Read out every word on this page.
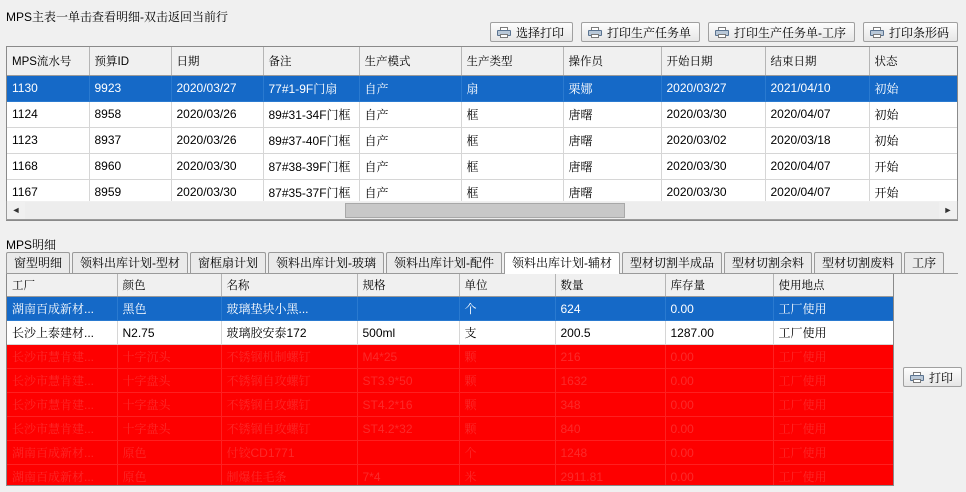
MPS主表一单击查看明细-双击返回当前行
选择打印	打印生产任务单	打印生产任务单-工序	打印条形码
MPS流水号	预算ID	日期	备注	生产模式	生产类型	操作员	开始日期	结束日期	状态
1130	9923	2020/03/27	77#1-9F门扇	自产	扇	栗娜	2020/03/27	2021/04/10	初始
1124	8958	2020/03/26	89#31-34F门框	自产	框	唐曙	2020/03/30	2020/04/07	初始
1123	8937	2020/03/26	89#37-40F门框	自产	框	唐曙	2020/03/02	2020/03/18	初始
1168	8960	2020/03/30	87#38-39F门框	自产	框	唐曙	2020/03/30	2020/04/07	开始
1167	8959	2020/03/30	87#35-37F门框	自产	框	唐曙	2020/03/30	2020/04/07	开始
◄	►
MPS明细
窗型明细	领料出库计划-型材	窗框扇计划	领料出库计划-玻璃	领料出库计划-配件	领料出库计划-辅材	型材切割半成品	型材切割余料	型材切割废料	工序
工厂	颜色	名称	规格	单位	数量	库存量	使用地点
湖南百成新材...	黑色	玻璃垫块小黑...		个	624	0.00	工厂使用
长沙上泰建材...	N2.75	玻璃胶安泰172	500ml	支	200.5	1287.00	工厂使用
长沙市慧肯建...	十字沉头	不锈钢机制螺钉	M4*25	颗	216	0.00	工厂使用
长沙市慧肯建...	十字盘头	不锈钢自攻螺钉	ST3.9*50	颗	1632	0.00	工厂使用
长沙市慧肯建...	十字盘头	不锈钢自攻螺钉	ST4.2*16	颗	348	0.00	工厂使用
长沙市慧肯建...	十字盘头	不锈钢自攻螺钉	ST4.2*32	颗	840	0.00	工厂使用
湖南百成新材...	原色	付铰CD1771		个	1248	0.00	工厂使用
湖南百成新材...	原色	制爆佳毛条	7*4	米	2911.81	0.00	工厂使用
打印
